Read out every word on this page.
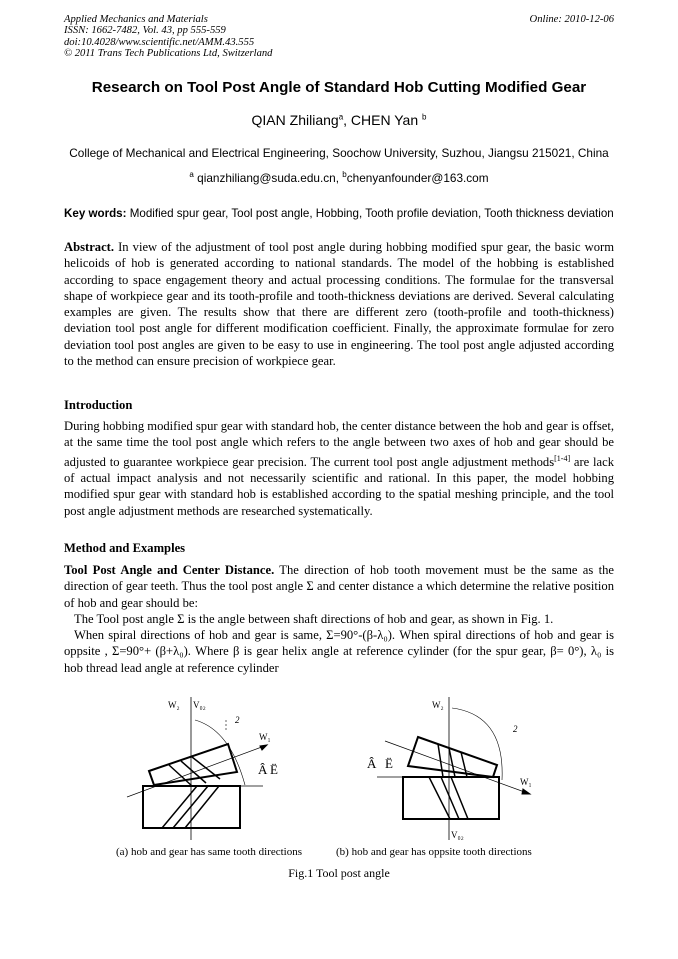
Applied Mechanics and Materials
ISSN: 1662-7482, Vol. 43, pp 555-559
doi:10.4028/www.scientific.net/AMM.43.555
© 2011 Trans Tech Publications Ltd, Switzerland
Online: 2010-12-06
Research on Tool Post Angle of Standard Hob Cutting Modified Gear
QIAN Zhiliang$^a$, CHEN Yan $^b$
College of Mechanical and Electrical Engineering, Soochow University, Suzhou, Jiangsu 215021, China
$^a$ qianzhiliang@suda.edu.cn, $^b$chenyanfounder@163.com
Key words: Modified spur gear, Tool post angle, Hobbing, Tooth profile deviation, Tooth thickness deviation
Abstract. In view of the adjustment of tool post angle during hobbing modified spur gear, the basic worm helicoids of hob is generated according to national standards. The model of the hobbing is established according to space engagement theory and actual processing conditions. The formulae for the transversal shape of workpiece gear and its tooth-profile and tooth-thickness deviations are derived. Several calculating examples are given. The results show that there are different zero (tooth-profile and tooth-thickness) deviation tool post angle for different modification coefficient. Finally, the approximate formulae for zero deviation tool post angles are given to be easy to use in engineering. The tool post angle adjusted according to the method can ensure precision of workpiece gear.
Introduction
During hobbing modified spur gear with standard hob, the center distance between the hob and gear is offset, at the same time the tool post angle which refers to the angle between two axes of hob and gear should be adjusted to guarantee workpiece gear precision. The current tool post angle adjustment methods[1-4] are lack of actual impact analysis and not necessarily scientific and rational. In this paper, the model hobbing modified spur gear with standard hob is established according to the spatial meshing principle, and the tool post angle adjustment methods are researched systematically.
Method and Examples
Tool Post Angle and Center Distance. The direction of hob tooth movement must be the same as the direction of gear teeth. Thus the tool post angle Σ and center distance a which determine the relative position of hob and gear should be:
The Tool post angle Σ is the angle between shaft directions of hob and gear, as shown in Fig. 1.
When spiral directions of hob and gear is same, Σ=90°-(β-λ₀). When spiral directions of hob and gear is oppsite , Σ=90°+ (β+λ₀). Where β is gear helix angle at reference cylinder (for the spur gear, β= 0°), λ₀ is hob thread lead angle at reference cylinder
W₂ V₀₂
W₁
2
Â Ë
W₂
V₀₂
W₁
2
Â Ë
(a) hob and gear has same tooth directions	(b) hob and gear has oppsite tooth directions
Fig.1 Tool post angle
